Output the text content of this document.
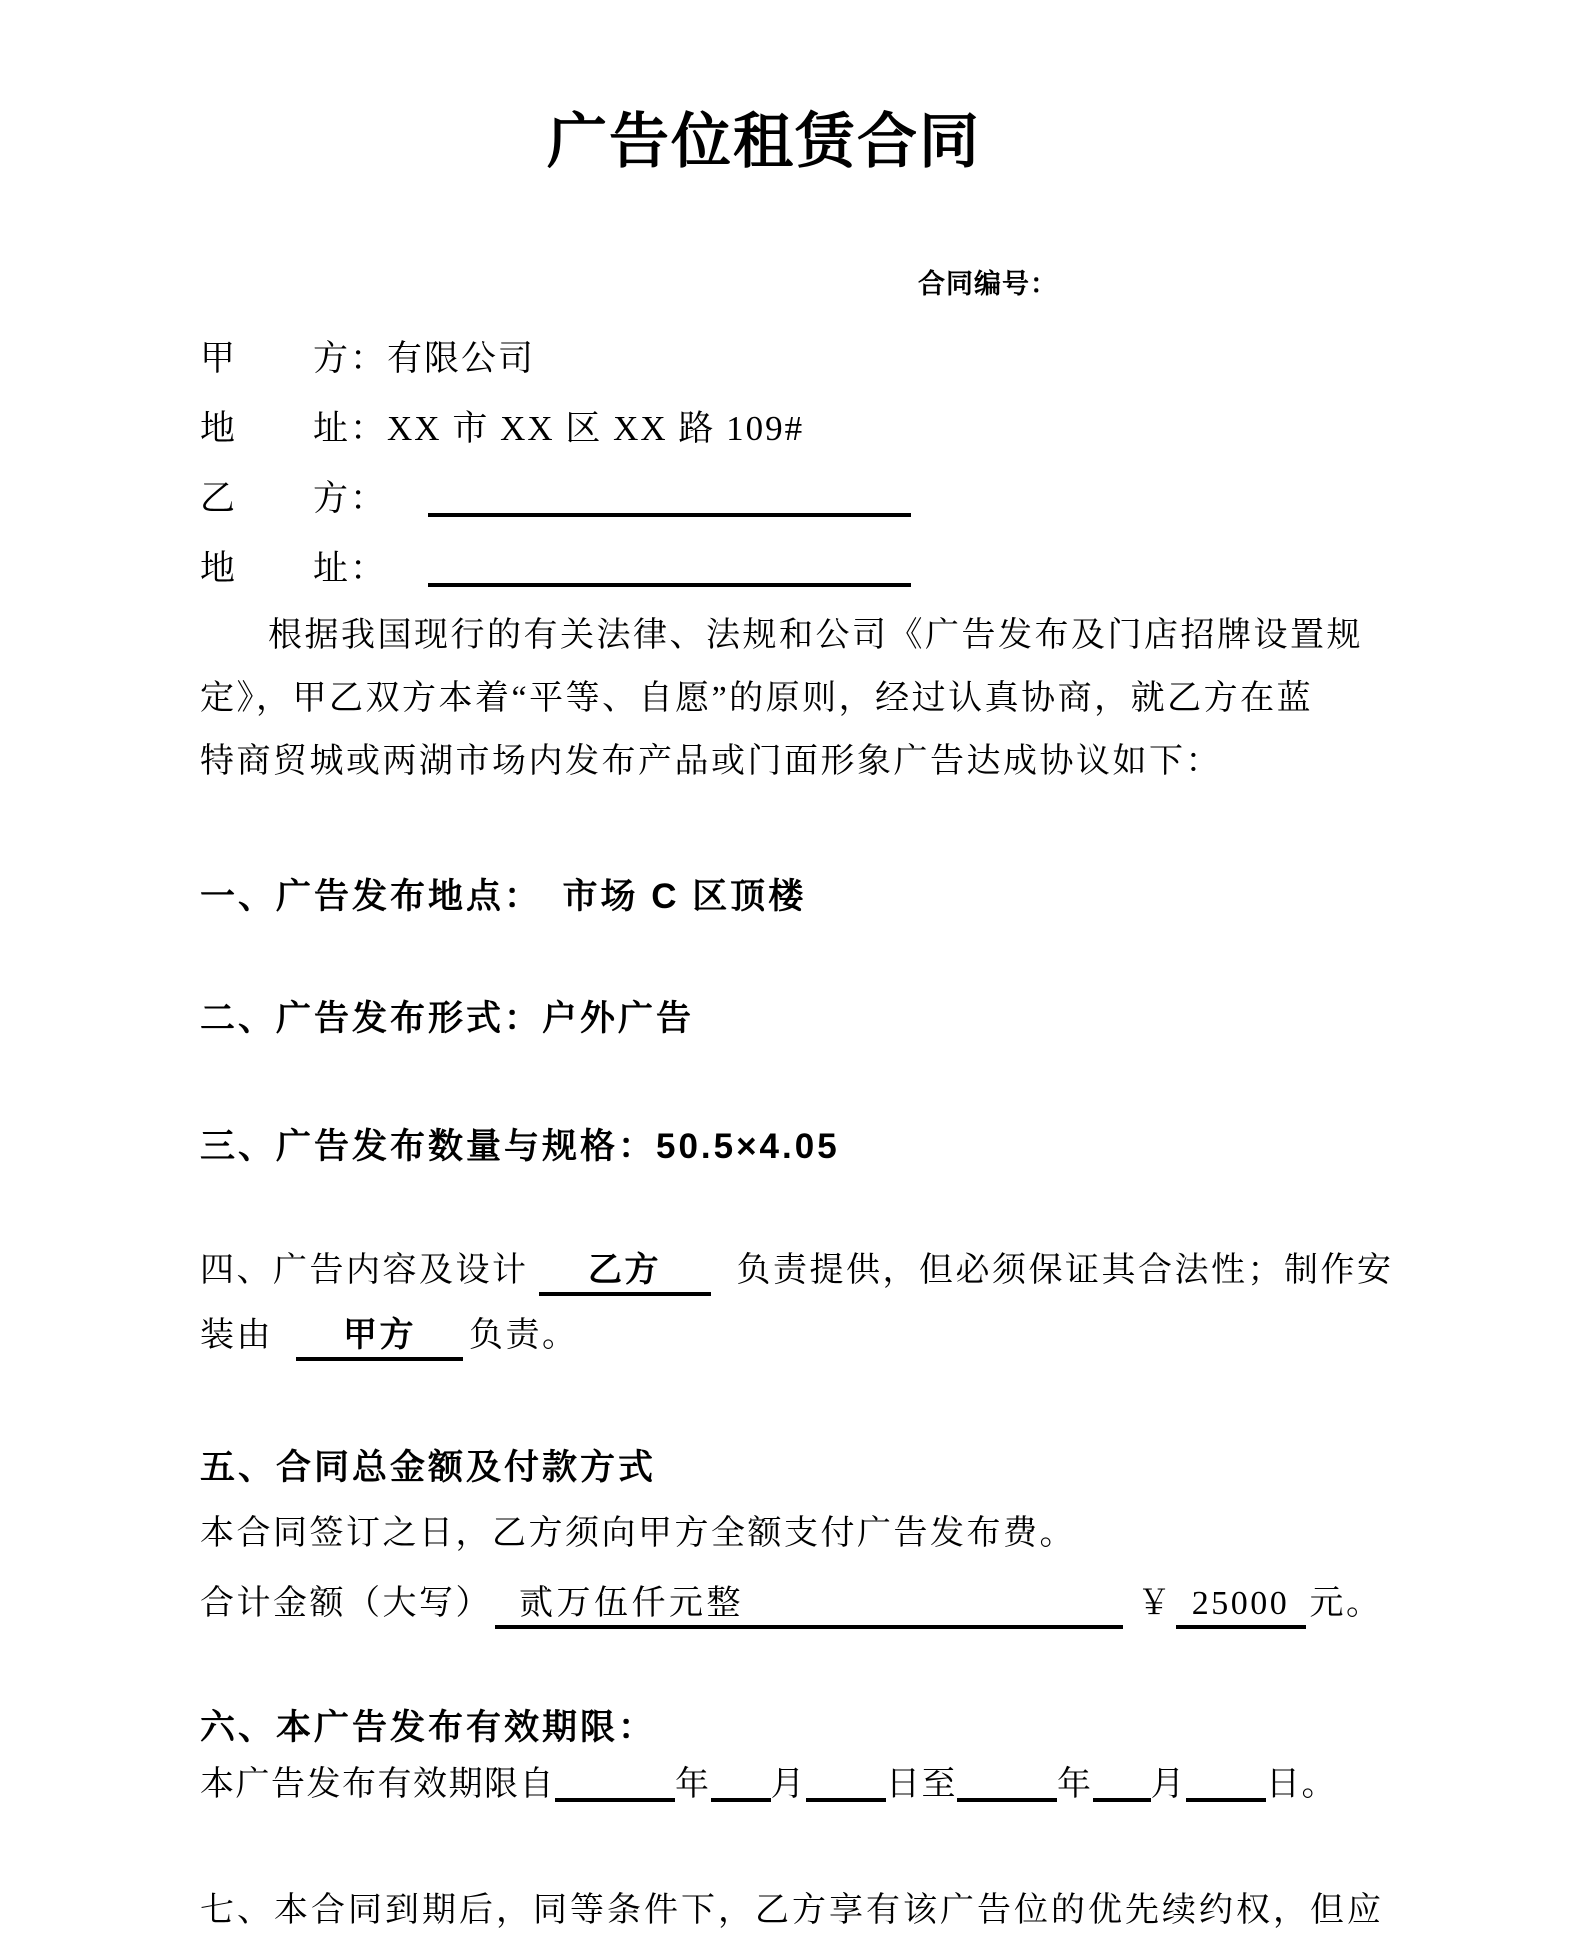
广告位租赁合同
合同编号：
甲 方：有限公司
地 址：XX 市 XX 区 XX 路 109#
乙 方：
地 址：
根据我国现行的有关法律、法规和公司《广告发布及门店招牌设置规
定》，甲乙双方本着“平等、自愿”的原则，经过认真协商，就乙方在蓝
特商贸城或两湖市场内发布产品或门面形象广告达成协议如下：
一、广告发布地点：　市场 C 区顶楼
二、广告发布形式：户外广告
三、广告发布数量与规格：50.5×4.05
四、广告内容及设计 乙方 负责提供，但必须保证其合法性；制作安
装由 甲方 负责。
五、合同总金额及付款方式
本合同签订之日，乙方须向甲方全额支付广告发布费。
合计金额（大写） 贰万伍仟元整	￥ 25000 元。
六、本广告发布有效期限：
本广告发布有效期限自	年 月 日至	年 月 日。
七、本合同到期后，同等条件下，乙方享有该广告位的优先续约权，但应
